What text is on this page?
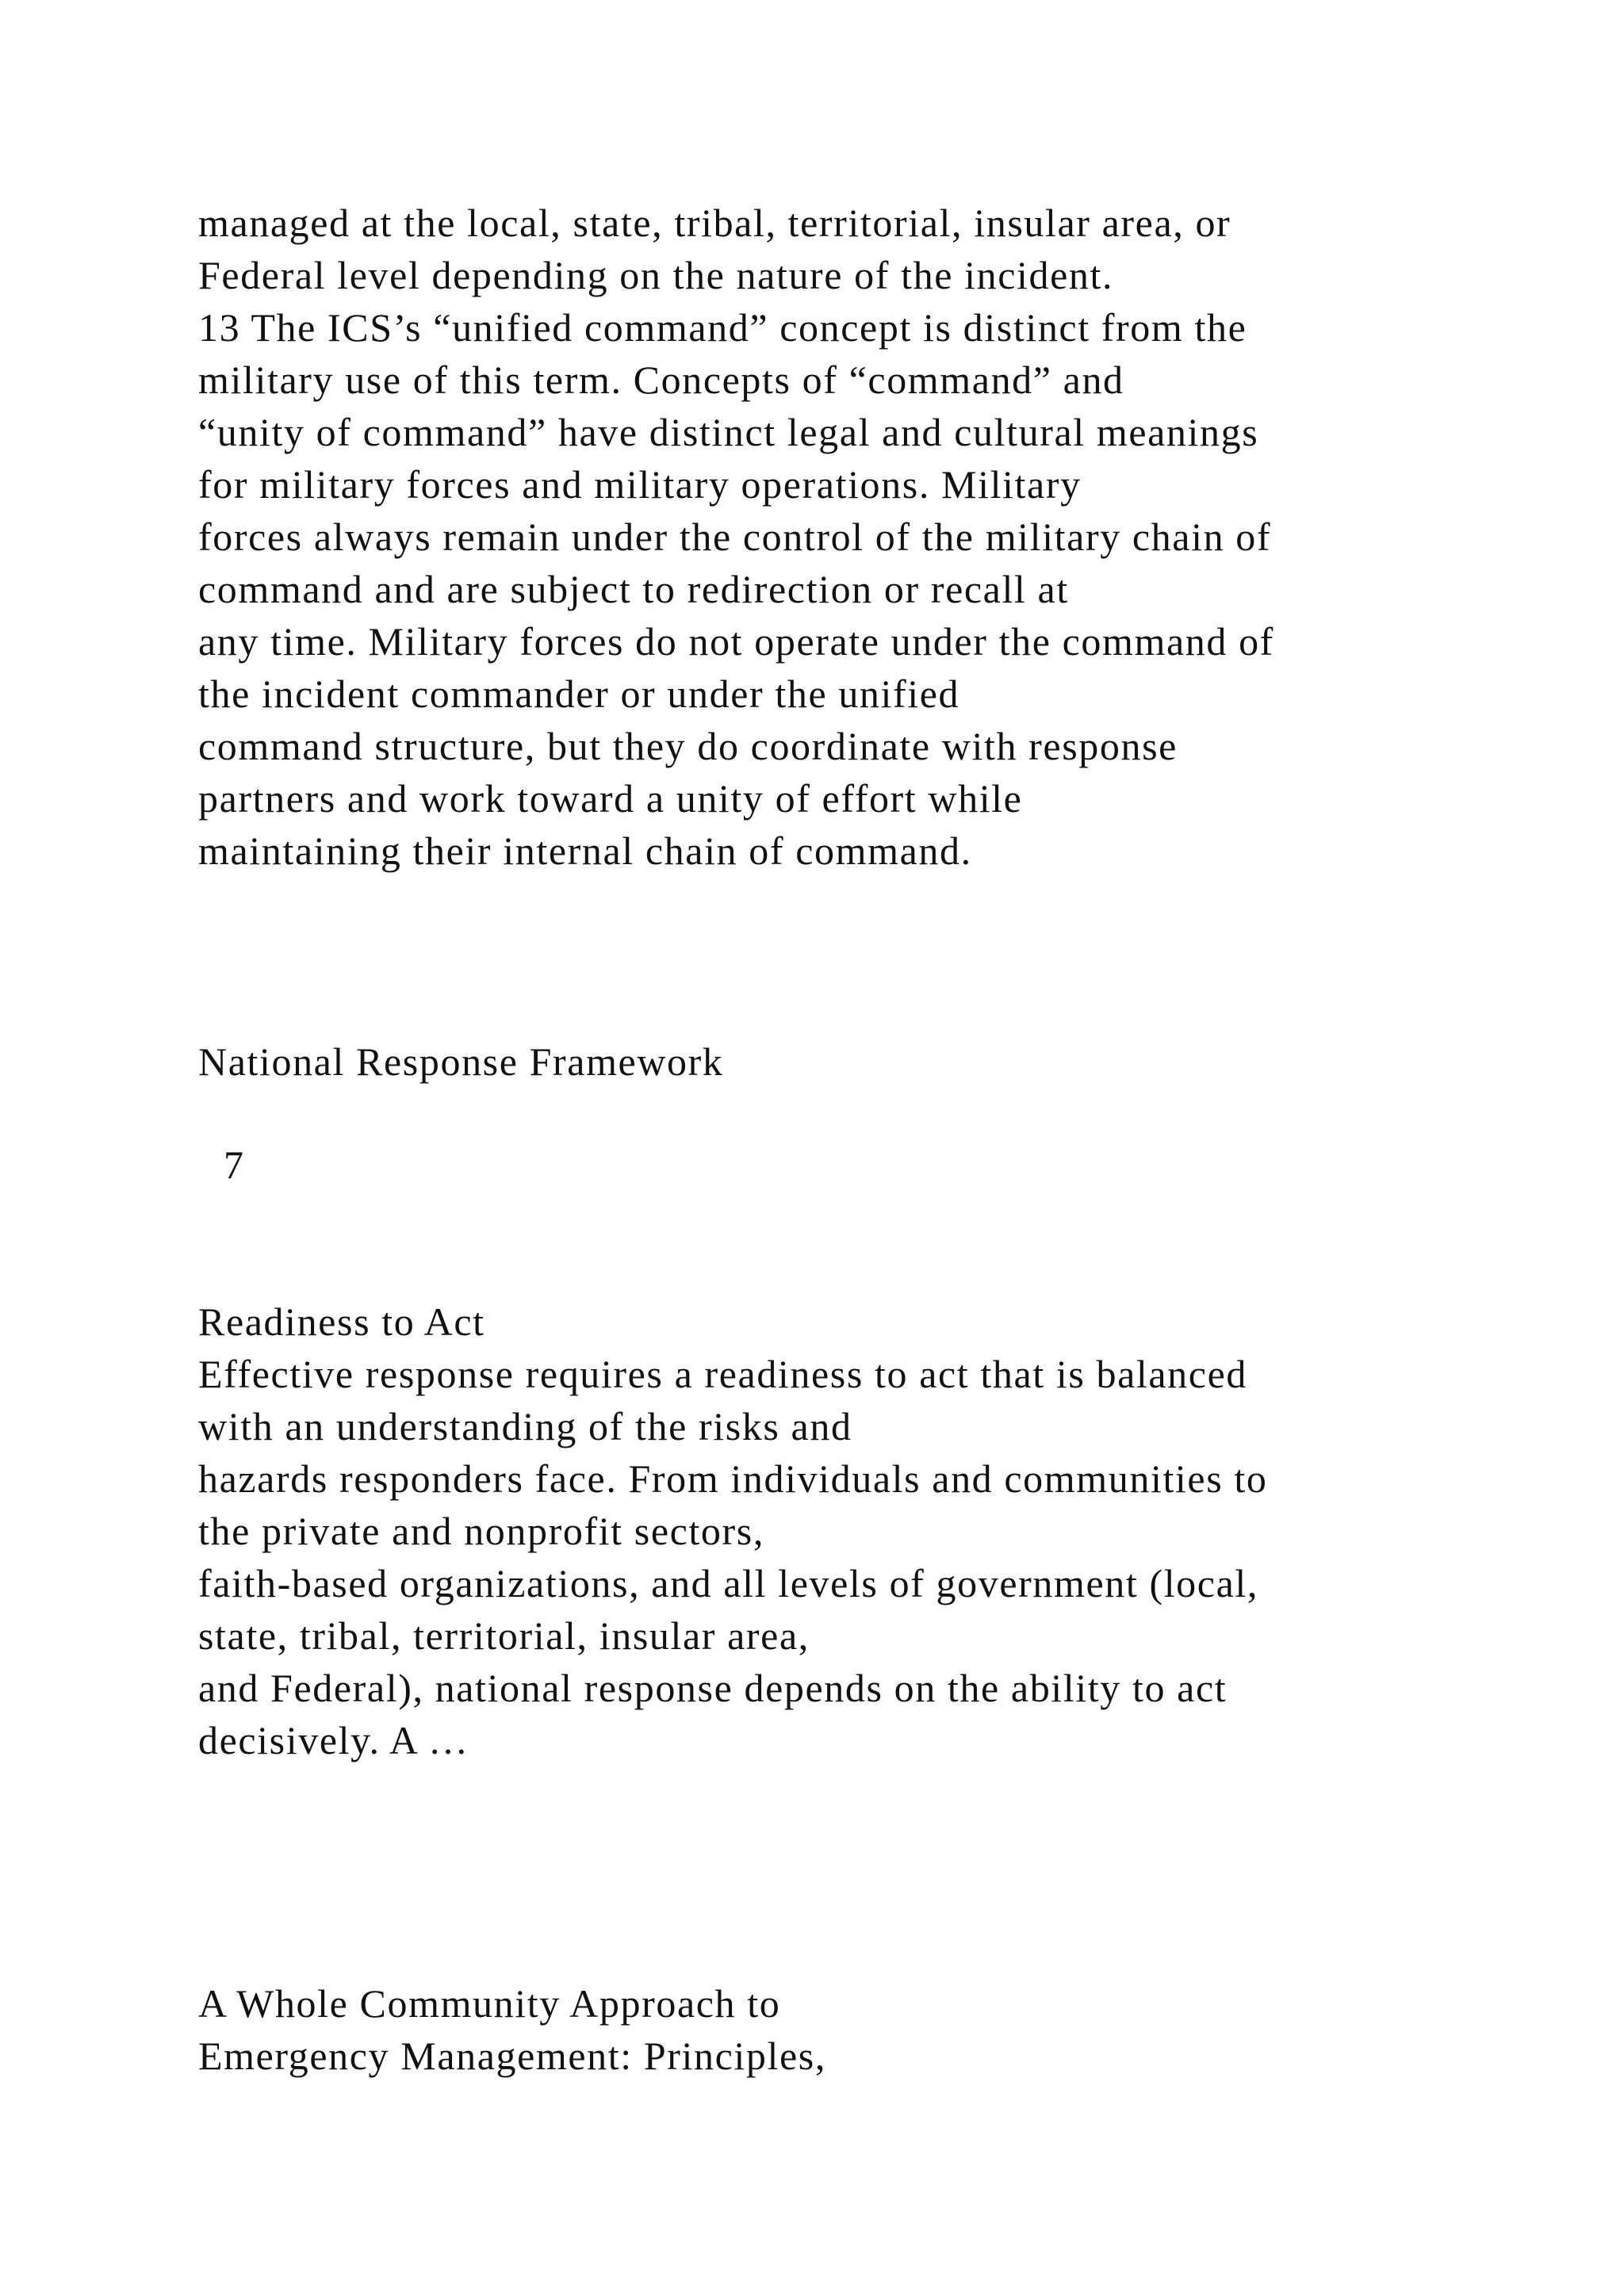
managed at the local, state, tribal, territorial, insular area, or
Federal level depending on the nature of the incident.
13 The ICS’s “unified command” concept is distinct from the
military use of this term. Concepts of “command” and
“unity of command” have distinct legal and cultural meanings
for military forces and military operations. Military
forces always remain under the control of the military chain of
command and are subject to redirection or recall at
any time. Military forces do not operate under the command of
the incident commander or under the unified
command structure, but they do coordinate with response
partners and work toward a unity of effort while
maintaining their internal chain of command.
National Response Framework
7
Readiness to Act
Effective response requires a readiness to act that is balanced
with an understanding of the risks and
hazards responders face. From individuals and communities to
the private and nonprofit sectors,
faith-based organizations, and all levels of government (local,
state, tribal, territorial, insular area,
and Federal), national response depends on the ability to act
decisively. A …
A Whole Community Approach to
Emergency Management: Principles,
